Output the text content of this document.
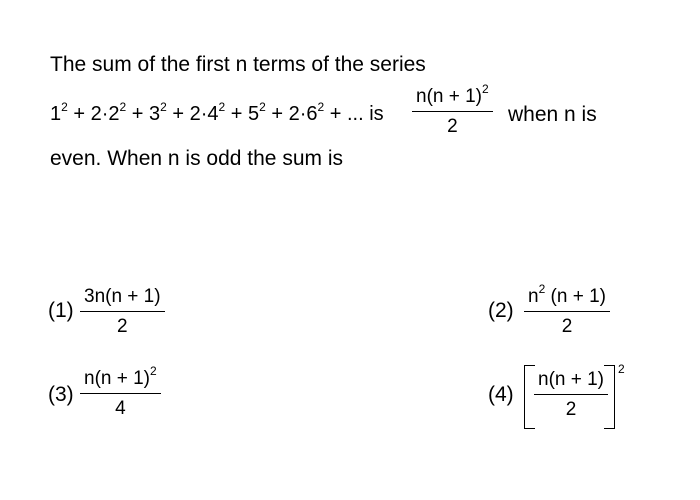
The sum of the first n terms of the series
$1^2 + 2\cdot 2^2 + 3^2 + 2\cdot 4^2 + 5^2 + 2\cdot 6^2$ + ... is $\frac{n(n + 1)^2}{2}$ when n is
even. When n is odd the sum is
$(1) \frac{3n(n + 1)}{2}$	$(2) \frac{n^2 (n + 1)}{2}$
$(3) \frac{n(n + 1)^2}{4}$	$(4) \frac{n(n + 1)}{2} 2$
